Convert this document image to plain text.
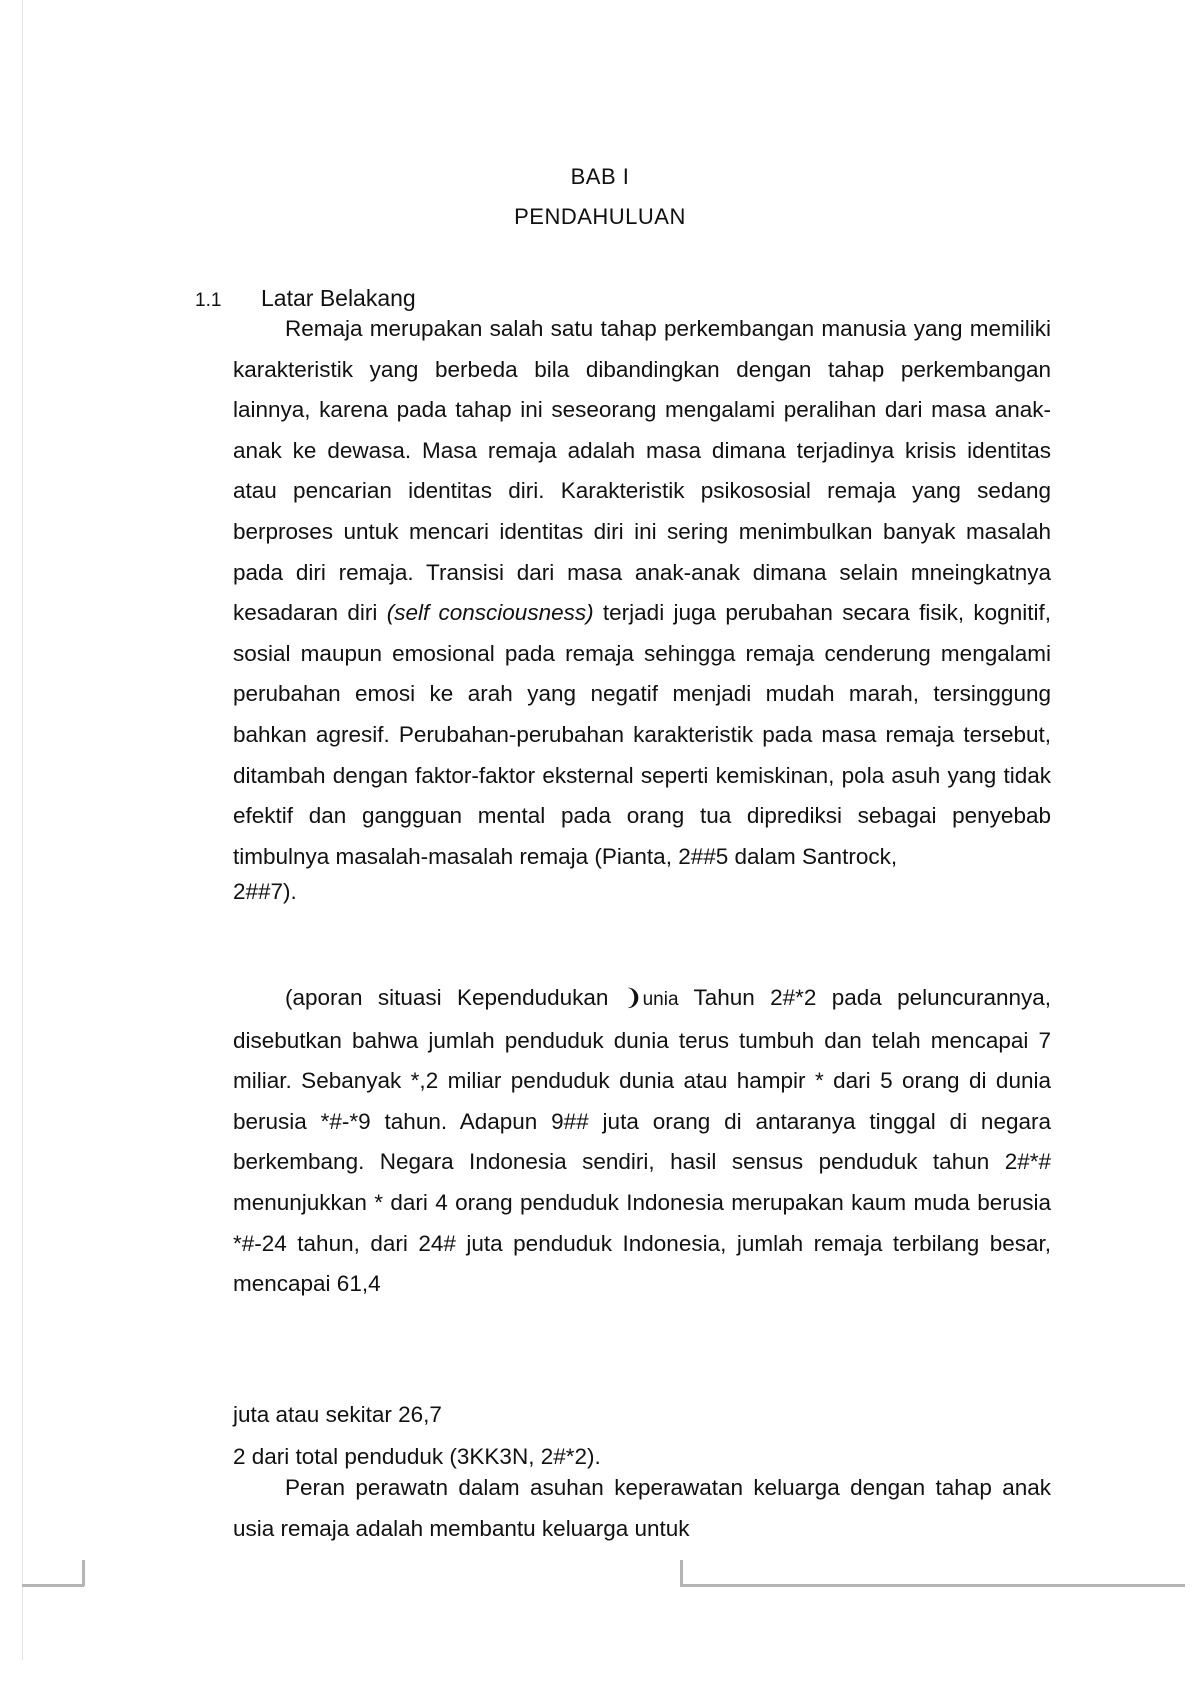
BAB I
PENDAHULUAN
1.1 Latar Belakang

Remaja merupakan salah satu tahap perkembangan manusia yang memiliki karakteristik yang berbeda bila dibandingkan dengan tahap perkembangan lainnya, karena pada tahap ini seseorang mengalami peralihan dari masa anak-anak ke dewasa. Masa remaja adalah masa dimana terjadinya krisis identitas atau pencarian identitas diri. Karakteristik psikososial remaja yang sedang berproses untuk mencari identitas diri ini sering menimbulkan banyak masalah pada diri remaja. Transisi dari masa anak-anak dimana selain mneingkatnya kesadaran diri (self consciousness) terjadi juga perubahan secara fisik, kognitif, sosial maupun emosional pada remaja sehingga remaja cenderung mengalami perubahan emosi ke arah yang negatif menjadi mudah marah, tersinggung bahkan agresif. Perubahan-perubahan karakteristik pada masa remaja tersebut, ditambah dengan faktor-faktor eksternal seperti kemiskinan, pola asuh yang tidak efektif dan gangguan mental pada orang tua diprediksi sebagai penyebab timbulnya masalah-masalah remaja (Pianta, 2##5 dalam Santrock,
2##7).

(aporan situasi Kependudukan ❩unia Tahun 2#*2 pada peluncurannya, disebutkan bahwa jumlah penduduk dunia terus tumbuh dan telah mencapai 7 miliar. Sebanyak *,2 miliar penduduk dunia atau hampir * dari 5 orang di dunia berusia *#-*9 tahun. Adapun 9## juta orang di antaranya tinggal di negara berkembang. Negara Indonesia sendiri, hasil sensus penduduk tahun 2#*# menunjukkan * dari 4 orang penduduk Indonesia merupakan kaum muda berusia *#-24 tahun, dari 24# juta penduduk Indonesia, jumlah remaja terbilang besar, mencapai 61,4

juta atau sekitar 26,7

2 dari total penduduk (3KK3N, 2#*2).

Peran perawatn dalam asuhan keperawatan keluarga dengan tahap anak usia remaja adalah membantu keluarga untuk
